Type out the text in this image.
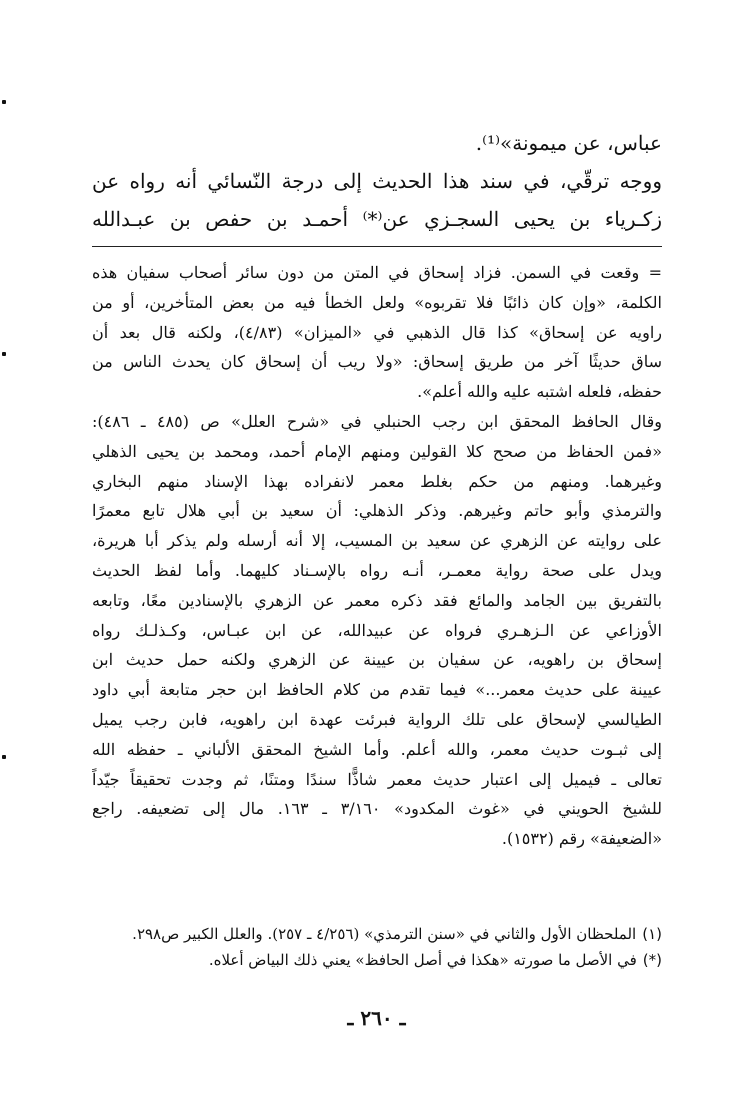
عباس، عن ميمونة»⁽¹⁾.
ووجه ترقّي، في سند هذا الحديث إلى درجة النّسائي أنه رواه عن
زكـرياء بن يحيى السجـزي عن⁽*⁾ أحمـد بن حفص بن عبـدالله
= وقعت في السمن. فزاد إسحاق في المتن من دون سائر أصحاب سفيان هذه
الكلمة، «وإن كان ذائبًا فلا تقربوه» ولعل الخطأ فيه من بعض المتأخرين، أو من
راويه عن إسحاق» كذا قال الذهبي في «الميزان» (٤/٨٣)، ولكنه قال بعد أن
ساق حديثًا آخر من طريق إسحاق: «ولا ريب أن إسحاق كان يحدث الناس من
حفظه، فلعله اشتبه عليه والله أعلم».
وقال الحافظ المحقق ابن رجب الحنبلي في «شرح العلل» ص (٤٨٥ ـ ٤٨٦):
«فمن الحفاظ من صحح كلا القولين ومنهم الإمام أحمد، ومحمد بن يحيى الذهلي
وغيرهما. ومنهم من حكم بغلط معمر لانفراده بهذا الإسناد منهم البخاري
والترمذي وأبو حاتم وغيرهم. وذكر الذهلي: أن سعيد بن أبي هلال تابع معمرًا
على روايته عن الزهري عن سعيد بن المسيب، إلا أنه أرسله ولم يذكر أبا هريرة،
ويدل على صحة رواية معمـر، أنـه رواه بالإسـناد كليهما. وأما لفظ الحديث
بالتفريق بين الجامد والمائع فقد ذكره معمر عن الزهري بالإسنادين معًا، وتابعه
الأوزاعي عن الـزهـري فرواه عن عبيدالله، عن ابن عبـاس، وكـذلـك رواه
إسحاق بن راهويه، عن سفيان بن عيينة عن الزهري ولكنه حمل حديث ابن
عيينة على حديث معمر...» فيما تقدم من كلام الحافظ ابن حجر متابعة أبي داود
الطيالسي لإسحاق على تلك الرواية فبرئت عهدة ابن راهويه، فابن رجب يميل
إلى ثبـوت حديث معمر، والله أعلم. وأما الشيخ المحقق الألباني ـ حفظه الله
تعالى ـ فيميل إلى اعتبار حديث معمر شاذًّا سندًا ومتنًا، ثم وجدت تحقيقاً جيّداً
للشيخ الحويني في «غوث المكدود» ٣/١٦٠ ـ ١٦٣. مال إلى تضعيفه. راجع
«الضعيفة» رقم (١٥٣٢).
(١)الملحظان الأول والثاني في «سنن الترمذي» (٤/٢٥٦ ـ ٢٥٧). والعلل الكبير ص٢٩٨.
(*)في الأصل ما صورته «هكذا في أصل الحافظ» يعني ذلك البياض أعلاه.
ـ ٢٦٠ ـ
